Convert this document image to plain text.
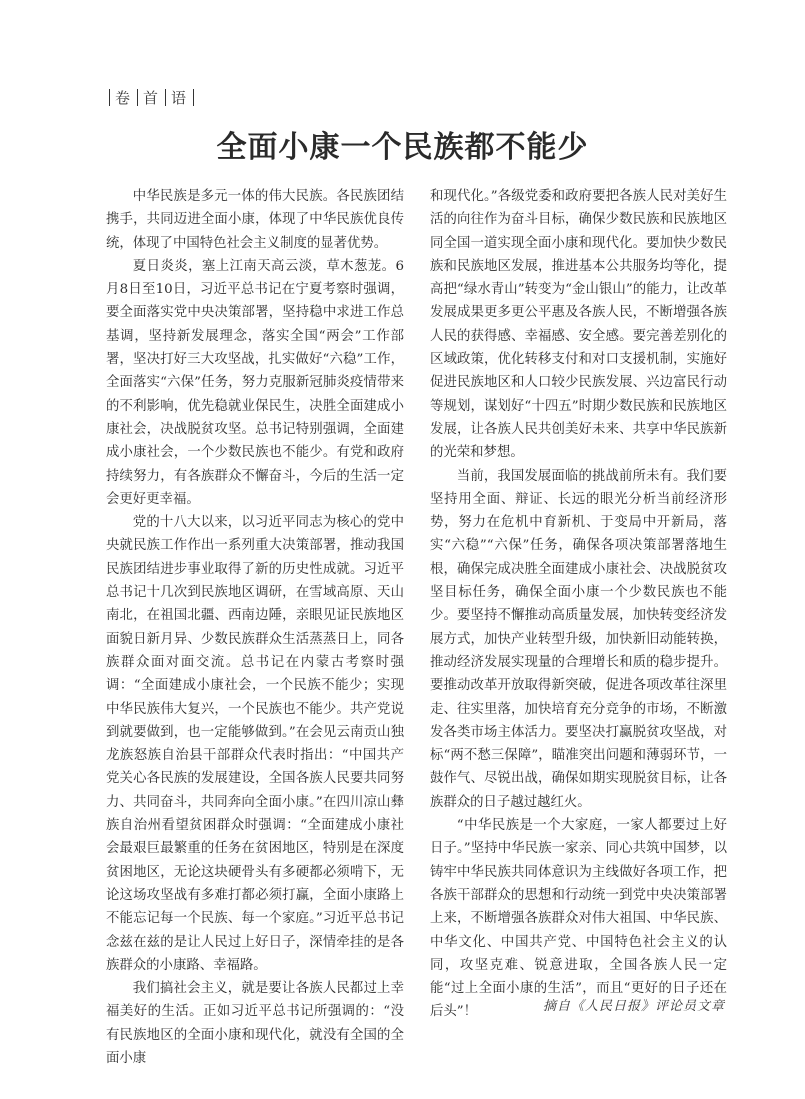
卷 首 语
全面小康一个民族都不能少

中华民族是多元一体的伟大民族。各民族团结携手，共同迈进全面小康，体现了中华民族优良传统，体现了中国特色社会主义制度的显著优势。

夏日炎炎，塞上江南天高云淡，草木葱茏。6月8日至10日，习近平总书记在宁夏考察时强调，要全面落实党中央决策部署，坚持稳中求进工作总基调，坚持新发展理念，落实全国“两会”工作部署，坚决打好三大攻坚战，扎实做好“六稳”工作，全面落实“六保”任务，努力克服新冠肺炎疫情带来的不利影响，优先稳就业保民生，决胜全面建成小康社会，决战脱贫攻坚。总书记特别强调，全面建成小康社会，一个少数民族也不能少。有党和政府持续努力，有各族群众不懈奋斗，今后的生活一定会更好更幸福。

党的十八大以来，以习近平同志为核心的党中央就民族工作作出一系列重大决策部署，推动我国民族团结进步事业取得了新的历史性成就。习近平总书记十几次到民族地区调研，在雪域高原、天山南北，在祖国北疆、西南边陲，亲眼见证民族地区面貌日新月异、少数民族群众生活蒸蒸日上，同各族群众面对面交流。总书记在内蒙古考察时强调：“全面建成小康社会，一个民族不能少；实现中华民族伟大复兴，一个民族也不能少。共产党说到就要做到，也一定能够做到。”在会见云南贡山独龙族怒族自治县干部群众代表时指出：“中国共产党关心各民族的发展建设，全国各族人民要共同努力、共同奋斗，共同奔向全面小康。”在四川凉山彝族自治州看望贫困群众时强调：“全面建成小康社会最艰巨最繁重的任务在贫困地区，特别是在深度贫困地区，无论这块硬骨头有多硬都必须啃下，无论这场攻坚战有多难打都必须打赢，全面小康路上不能忘记每一个民族、每一个家庭。”习近平总书记念兹在兹的是让人民过上好日子，深情牵挂的是各族群众的小康路、幸福路。

我们搞社会主义，就是要让各族人民都过上幸福美好的生活。正如习近平总书记所强调的：“没有民族地区的全面小康和现代化，就没有全国的全面小康

和现代化。”各级党委和政府要把各族人民对美好生活的向往作为奋斗目标，确保少数民族和民族地区同全国一道实现全面小康和现代化。要加快少数民族和民族地区发展，推进基本公共服务均等化，提高把“绿水青山”转变为“金山银山”的能力，让改革发展成果更多更公平惠及各族人民，不断增强各族人民的获得感、幸福感、安全感。要完善差别化的区域政策，优化转移支付和对口支援机制，实施好促进民族地区和人口较少民族发展、兴边富民行动等规划，谋划好“十四五”时期少数民族和民族地区发展，让各族人民共创美好未来、共享中华民族新的光荣和梦想。

当前，我国发展面临的挑战前所未有。我们要坚持用全面、辩证、长远的眼光分析当前经济形势，努力在危机中育新机、于变局中开新局，落实“六稳”“六保”任务，确保各项决策部署落地生根，确保完成决胜全面建成小康社会、决战脱贫攻坚目标任务，确保全面小康一个少数民族也不能少。要坚持不懈推动高质量发展，加快转变经济发展方式，加快产业转型升级，加快新旧动能转换，推动经济发展实现量的合理增长和质的稳步提升。要推动改革开放取得新突破，促进各项改革往深里走、往实里落，加快培育充分竞争的市场，不断激发各类市场主体活力。要坚决打赢脱贫攻坚战，对标“两不愁三保障”，瞄准突出问题和薄弱环节，一鼓作气、尽锐出战，确保如期实现脱贫目标，让各族群众的日子越过越红火。

“中华民族是一个大家庭，一家人都要过上好日子。”坚持中华民族一家亲、同心共筑中国梦，以铸牢中华民族共同体意识为主线做好各项工作，把各族干部群众的思想和行动统一到党中央决策部署上来，不断增强各族群众对伟大祖国、中华民族、中华文化、中国共产党、中国特色社会主义的认同，攻坚克难、锐意进取，全国各族人民一定能“过上全面小康的生活”，而且“更好的日子还在后头”！	摘自《人民日报》评论员文章
